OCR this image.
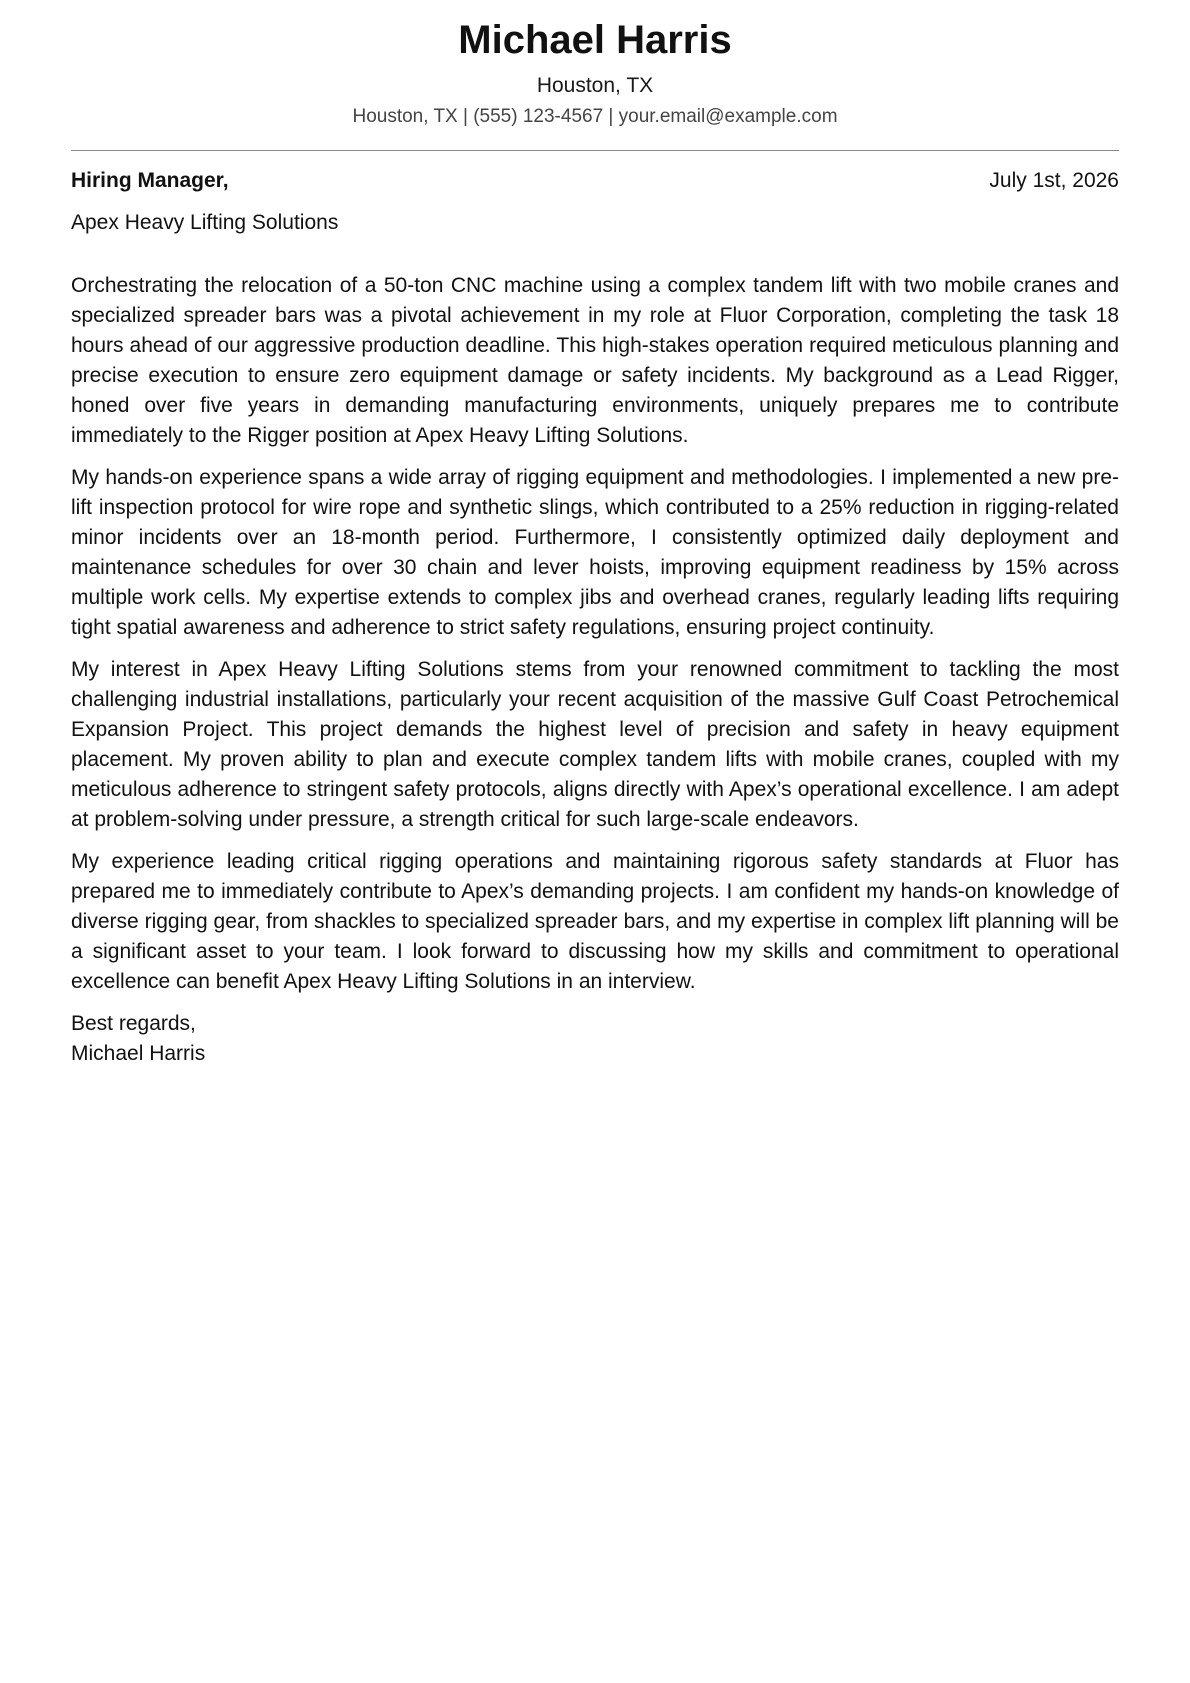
Michael Harris
Houston, TX
Houston, TX | (555) 123-4567 | your.email@example.com
Hiring Manager,	July 1st, 2026
Apex Heavy Lifting Solutions

Orchestrating the relocation of a 50-ton CNC machine using a complex tandem lift with two mobile cranes and specialized spreader bars was a pivotal achievement in my role at Fluor Corporation, completing the task 18 hours ahead of our aggressive production deadline. This high-stakes operation required meticulous planning and precise execution to ensure zero equipment damage or safety incidents. My background as a Lead Rigger, honed over five years in demanding manufacturing environments, uniquely prepares me to contribute immediately to the Rigger position at Apex Heavy Lifting Solutions.

My hands-on experience spans a wide array of rigging equipment and methodologies. I implemented a new pre-lift inspection protocol for wire rope and synthetic slings, which contributed to a 25% reduction in rigging-related minor incidents over an 18-month period. Furthermore, I consistently optimized daily deployment and maintenance schedules for over 30 chain and lever hoists, improving equipment readiness by 15% across multiple work cells. My expertise extends to complex jibs and overhead cranes, regularly leading lifts requiring tight spatial awareness and adherence to strict safety regulations, ensuring project continuity.

My interest in Apex Heavy Lifting Solutions stems from your renowned commitment to tackling the most challenging industrial installations, particularly your recent acquisition of the massive Gulf Coast Petrochemical Expansion Project. This project demands the highest level of precision and safety in heavy equipment placement. My proven ability to plan and execute complex tandem lifts with mobile cranes, coupled with my meticulous adherence to stringent safety protocols, aligns directly with Apex’s operational excellence. I am adept at problem-solving under pressure, a strength critical for such large-scale endeavors.

My experience leading critical rigging operations and maintaining rigorous safety standards at Fluor has prepared me to immediately contribute to Apex’s demanding projects. I am confident my hands-on knowledge of diverse rigging gear, from shackles to specialized spreader bars, and my expertise in complex lift planning will be a significant asset to your team. I look forward to discussing how my skills and commitment to operational excellence can benefit Apex Heavy Lifting Solutions in an interview.

Best regards,
Michael Harris
